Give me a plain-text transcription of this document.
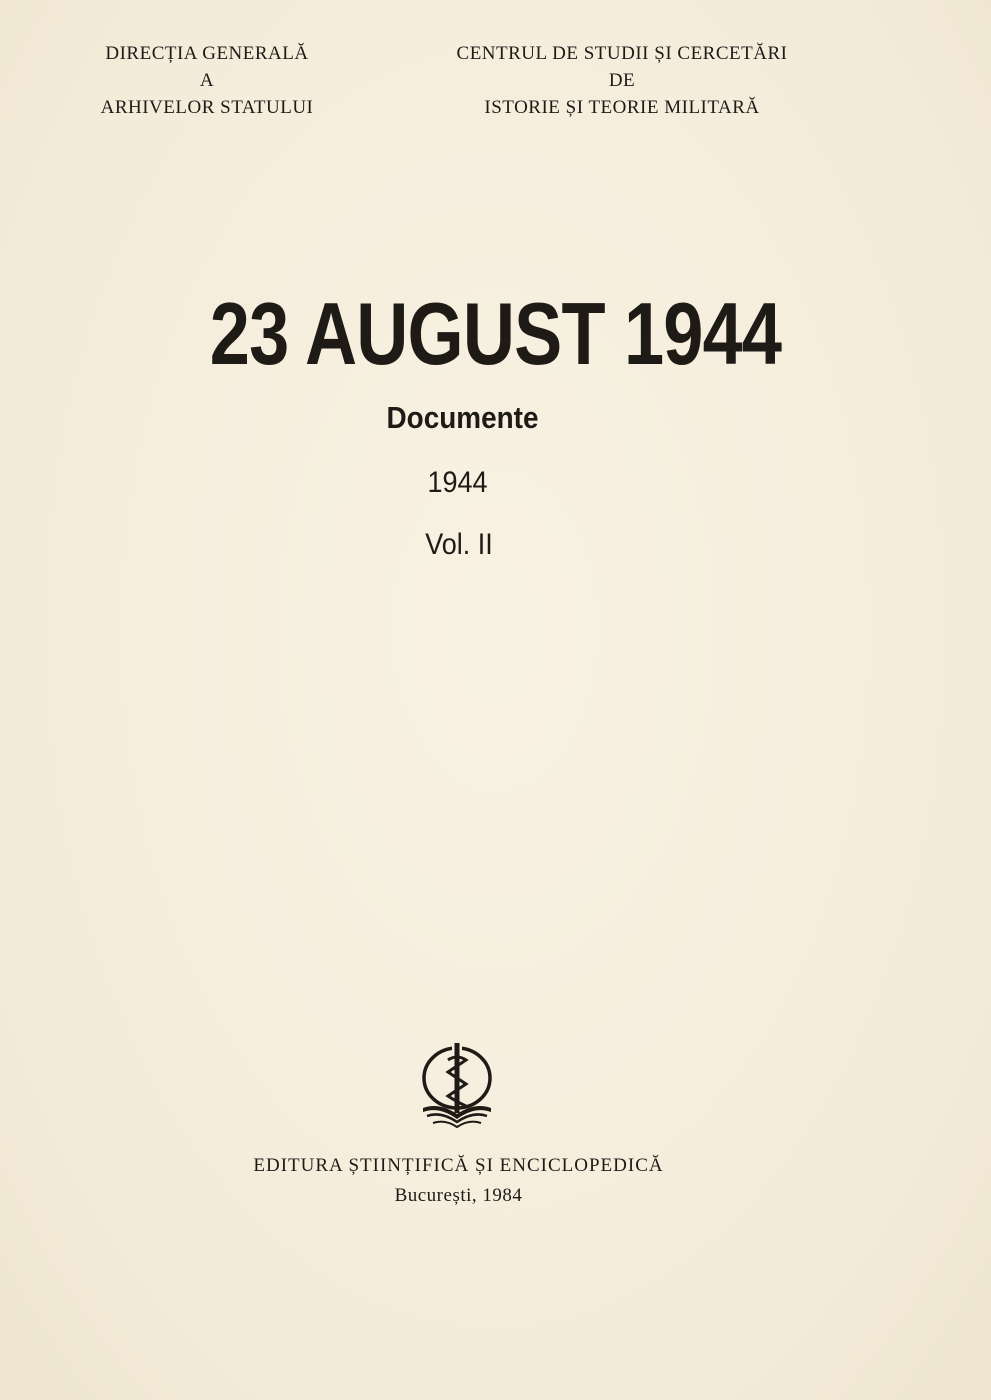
DIRECȚIA GENERALĂ
A
ARHIVELOR STATULUI
CENTRUL DE STUDII ȘI CERCETĂRI
DE
ISTORIE ȘI TEORIE MILITARĂ
23 AUGUST 1944
Documente
1944
Vol. II
EDITURA ȘTIINȚIFICĂ ȘI ENCICLOPEDICĂ
București, 1984
